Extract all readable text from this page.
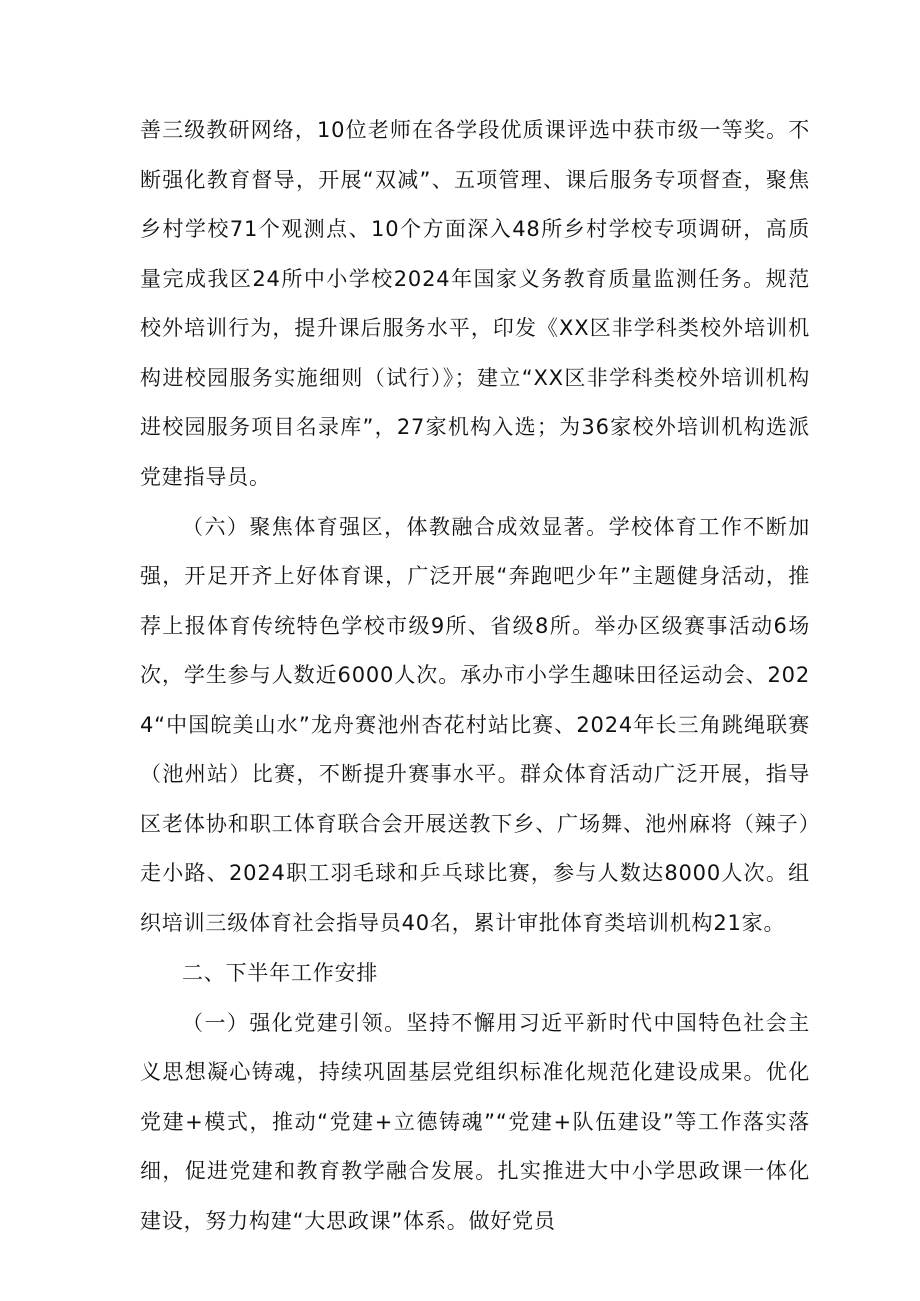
善三级教研网络，10位老师在各学段优质课评选中获市级一等奖。不断强化教育督导，开展“双减”、五项管理、课后服务专项督查，聚焦乡村学校71个观测点、10个方面深入48所乡村学校专项调研，高质量完成我区24所中小学校2024年国家义务教育质量监测任务。规范校外培训行为，提升课后服务水平，印发《XX区非学科类校外培训机构进校园服务实施细则（试行）》；建立“XX区非学科类校外培训机构进校园服务项目名录库”，27家机构入选；为36家校外培训机构选派党建指导员。

（六）聚焦体育强区，体教融合成效显著。学校体育工作不断加强，开足开齐上好体育课，广泛开展“奔跑吧少年”主题健身活动，推荐上报体育传统特色学校市级9所、省级8所。举办区级赛事活动6场次，学生参与人数近6000人次。承办市小学生趣味田径运动会、2024“中国皖美山水”龙舟赛池州杏花村站比赛、2024年长三角跳绳联赛（池州站）比赛，不断提升赛事水平。群众体育活动广泛开展，指导区老体协和职工体育联合会开展送教下乡、广场舞、池州麻将（辣子）走小路、2024职工羽毛球和乒乓球比赛，参与人数达8000人次。组织培训三级体育社会指导员40名，累计审批体育类培训机构21家。

二、下半年工作安排

（一）强化党建引领。坚持不懈用习近平新时代中国特色社会主义思想凝心铸魂，持续巩固基层党组织标准化规范化建设成果。优化党建+模式，推动“党建+立德铸魂”“党建+队伍建设”等工作落实落细，促进党建和教育教学融合发展。扎实推进大中小学思政课一体化建设，努力构建“大思政课”体系。做好党员
